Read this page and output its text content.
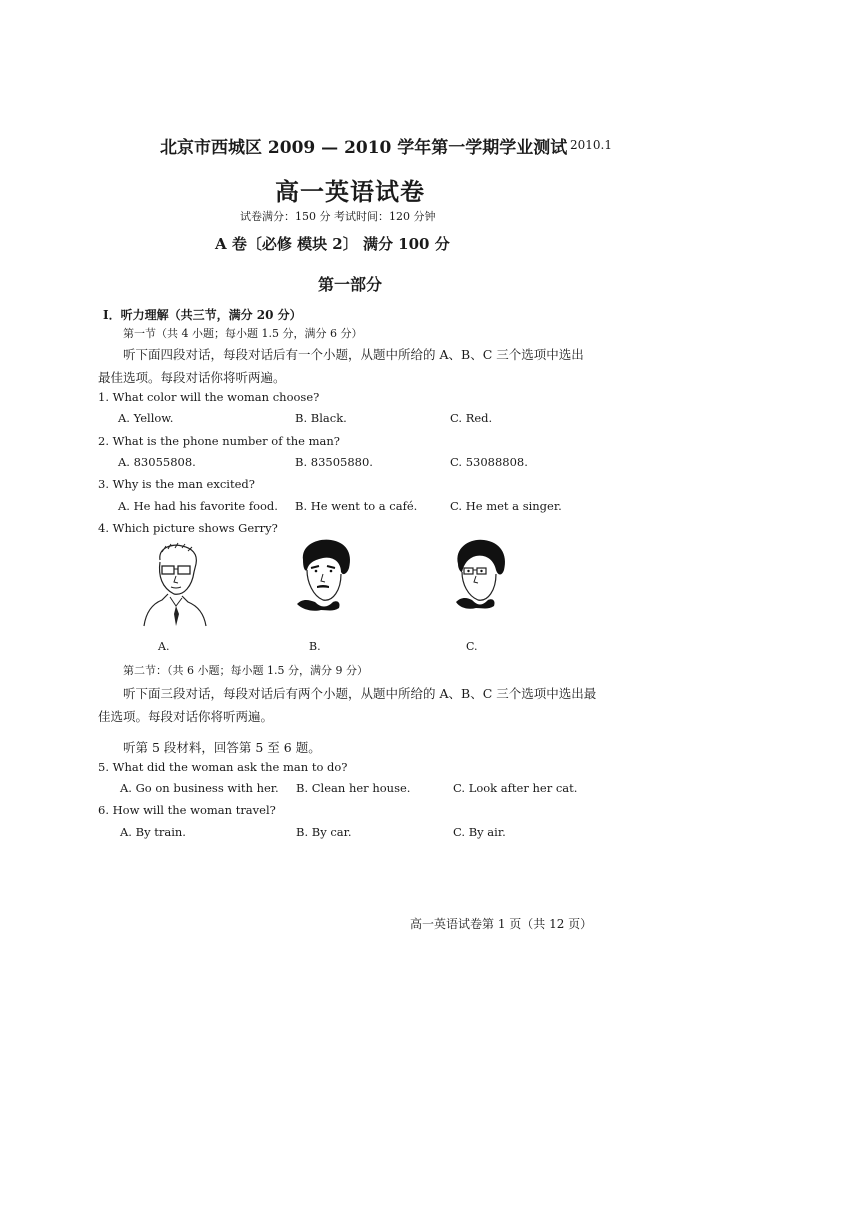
北京市西城区 2009 — 2010 学年第一学期学业测试 2010.1
高一英语试卷
试卷满分：150 分 考试时间：120 分钟
A 卷〔必修 模块 2〕 满分 100 分
第一部分
Ⅰ．听力理解（共三节，满分 20 分）
第一节（共 4 小题；每小题 1.5 分，满分 6 分）
听下面四段对话，每段对话后有一个小题，从题中所给的 A、B、C 三个选项中选出
最佳选项。每段对话你将听两遍。
1. What color will the woman choose?
A. Yellow.	B. Black.	C. Red.
2. What is the phone number of the man?
A. 83055808.	B. 83505880.	C. 53088808.
3. Why is the man excited?
A. He had his favorite food. B. He went to a café.	C. He met a singer.
4. Which picture shows Gerry?
A.	B.	C.
第二节：（共 6 小题；每小题 1.5 分，满分 9 分）
听下面三段对话，每段对话后有两个小题，从题中所给的 A、B、C 三个选项中选出最
佳选项。每段对话你将听两遍。
听第 5 段材料，回答第 5 至 6 题。
5. What did the woman ask the man to do?
A. Go on business with her. B. Clean her house.	C. Look after her cat.
6. How will the woman travel?
A. By train.	B. By car.	C. By air.
高一英语试卷第 1 页（共 12 页）
